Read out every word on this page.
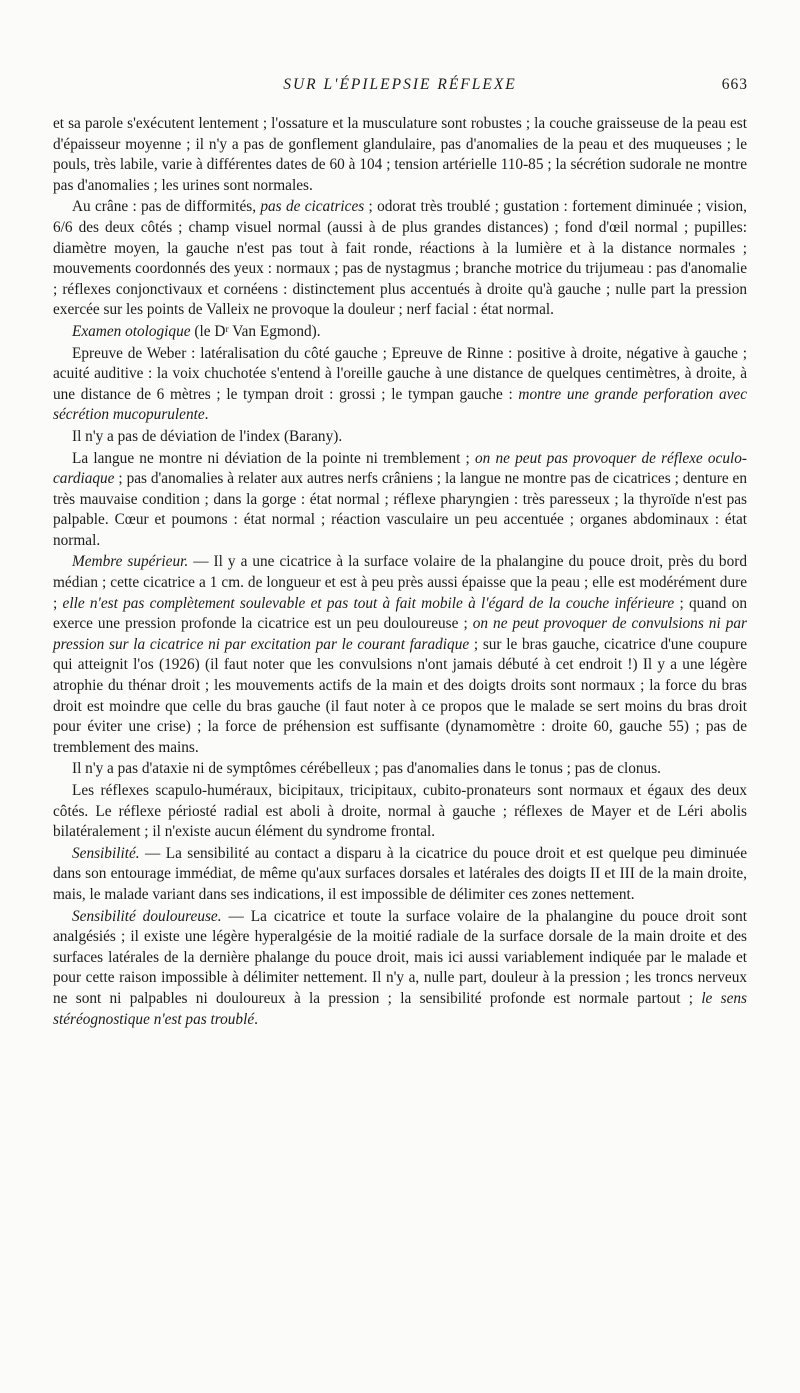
SUR L'ÉPILEPSIE RÉFLEXE	663

et sa parole s'exécutent lentement ; l'ossature et la musculature sont robustes ; la couche graisseuse de la peau est d'épaisseur moyenne ; il n'y a pas de gonflement glandulaire, pas d'anomalies de la peau et des muqueuses ; le pouls, très labile, varie à différentes dates de 60 à 104 ; tension artérielle 110-85 ; la sécrétion sudorale ne montre pas d'anomalies ; les urines sont normales.

Au crâne : pas de difformités, pas de cicatrices ; odorat très troublé ; gustation : fortement diminuée ; vision, 6/6 des deux côtés ; champ visuel normal (aussi à de plus grandes distances) ; fond d'œil normal ; pupilles: diamètre moyen, la gauche n'est pas tout à fait ronde, réactions à la lumière et à la distance normales ; mouvements coordonnés des yeux : normaux ; pas de nystagmus ; branche motrice du trijumeau : pas d'anomalie ; réflexes conjonctivaux et cornéens : distinctement plus accentués à droite qu'à gauche ; nulle part la pression exercée sur les points de Valleix ne provoque la douleur ; nerf facial : état normal.

Examen otologique (le Dʳ Van Egmond).

Epreuve de Weber : latéralisation du côté gauche ; Epreuve de Rinne : positive à droite, négative à gauche ; acuité auditive : la voix chuchotée s'entend à l'oreille gauche à une distance de quelques centimètres, à droite, à une distance de 6 mètres ; le tympan droit : grossi ; le tympan gauche : montre une grande perforation avec sécrétion mucopurulente.

Il n'y a pas de déviation de l'index (Barany).

La langue ne montre ni déviation de la pointe ni tremblement ; on ne peut pas provoquer de réflexe oculo-cardiaque ; pas d'anomalies à relater aux autres nerfs crâniens ; la langue ne montre pas de cicatrices ; denture en très mauvaise condition ; dans la gorge : état normal ; réflexe pharyngien : très paresseux ; la thyroïde n'est pas palpable. Cœur et poumons : état normal ; réaction vasculaire un peu accentuée ; organes abdominaux : état normal.

Membre supérieur. — Il y a une cicatrice à la surface volaire de la phalangine du pouce droit, près du bord médian ; cette cicatrice a 1 cm. de longueur et est à peu près aussi épaisse que la peau ; elle est modérément dure ; elle n'est pas complètement soulevable et pas tout à fait mobile à l'égard de la couche inférieure ; quand on exerce une pression profonde la cicatrice est un peu douloureuse ; on ne peut provoquer de convulsions ni par pression sur la cicatrice ni par excitation par le courant faradique ; sur le bras gauche, cicatrice d'une coupure qui atteignit l'os (1926) (il faut noter que les convulsions n'ont jamais débuté à cet endroit !) Il y a une légère atrophie du thénar droit ; les mouvements actifs de la main et des doigts droits sont normaux ; la force du bras droit est moindre que celle du bras gauche (il faut noter à ce propos que le malade se sert moins du bras droit pour éviter une crise) ; la force de préhension est suffisante (dynamomètre : droite 60, gauche 55) ; pas de tremblement des mains.

Il n'y a pas d'ataxie ni de symptômes cérébelleux ; pas d'anomalies dans le tonus ; pas de clonus.

Les réflexes scapulo-huméraux, bicipitaux, tricipitaux, cubito-pronateurs sont normaux et égaux des deux côtés. Le réflexe périosté radial est aboli à droite, normal à gauche ; réflexes de Mayer et de Léri abolis bilatéralement ; il n'existe aucun élément du syndrome frontal.

Sensibilité. — La sensibilité au contact a disparu à la cicatrice du pouce droit et est quelque peu diminuée dans son entourage immédiat, de même qu'aux surfaces dorsales et latérales des doigts II et III de la main droite, mais, le malade variant dans ses indications, il est impossible de délimiter ces zones nettement.

Sensibilité douloureuse. — La cicatrice et toute la surface volaire de la phalangine du pouce droit sont analgésiés ; il existe une légère hyperalgésie de la moitié radiale de la surface dorsale de la main droite et des surfaces latérales de la dernière phalange du pouce droit, mais ici aussi variablement indiquée par le malade et pour cette raison impossible à délimiter nettement. Il n'y a, nulle part, douleur à la pression ; les troncs nerveux ne sont ni palpables ni douloureux à la pression ; la sensibilité profonde est normale partout ; le sens stéréognostique n'est pas troublé.
